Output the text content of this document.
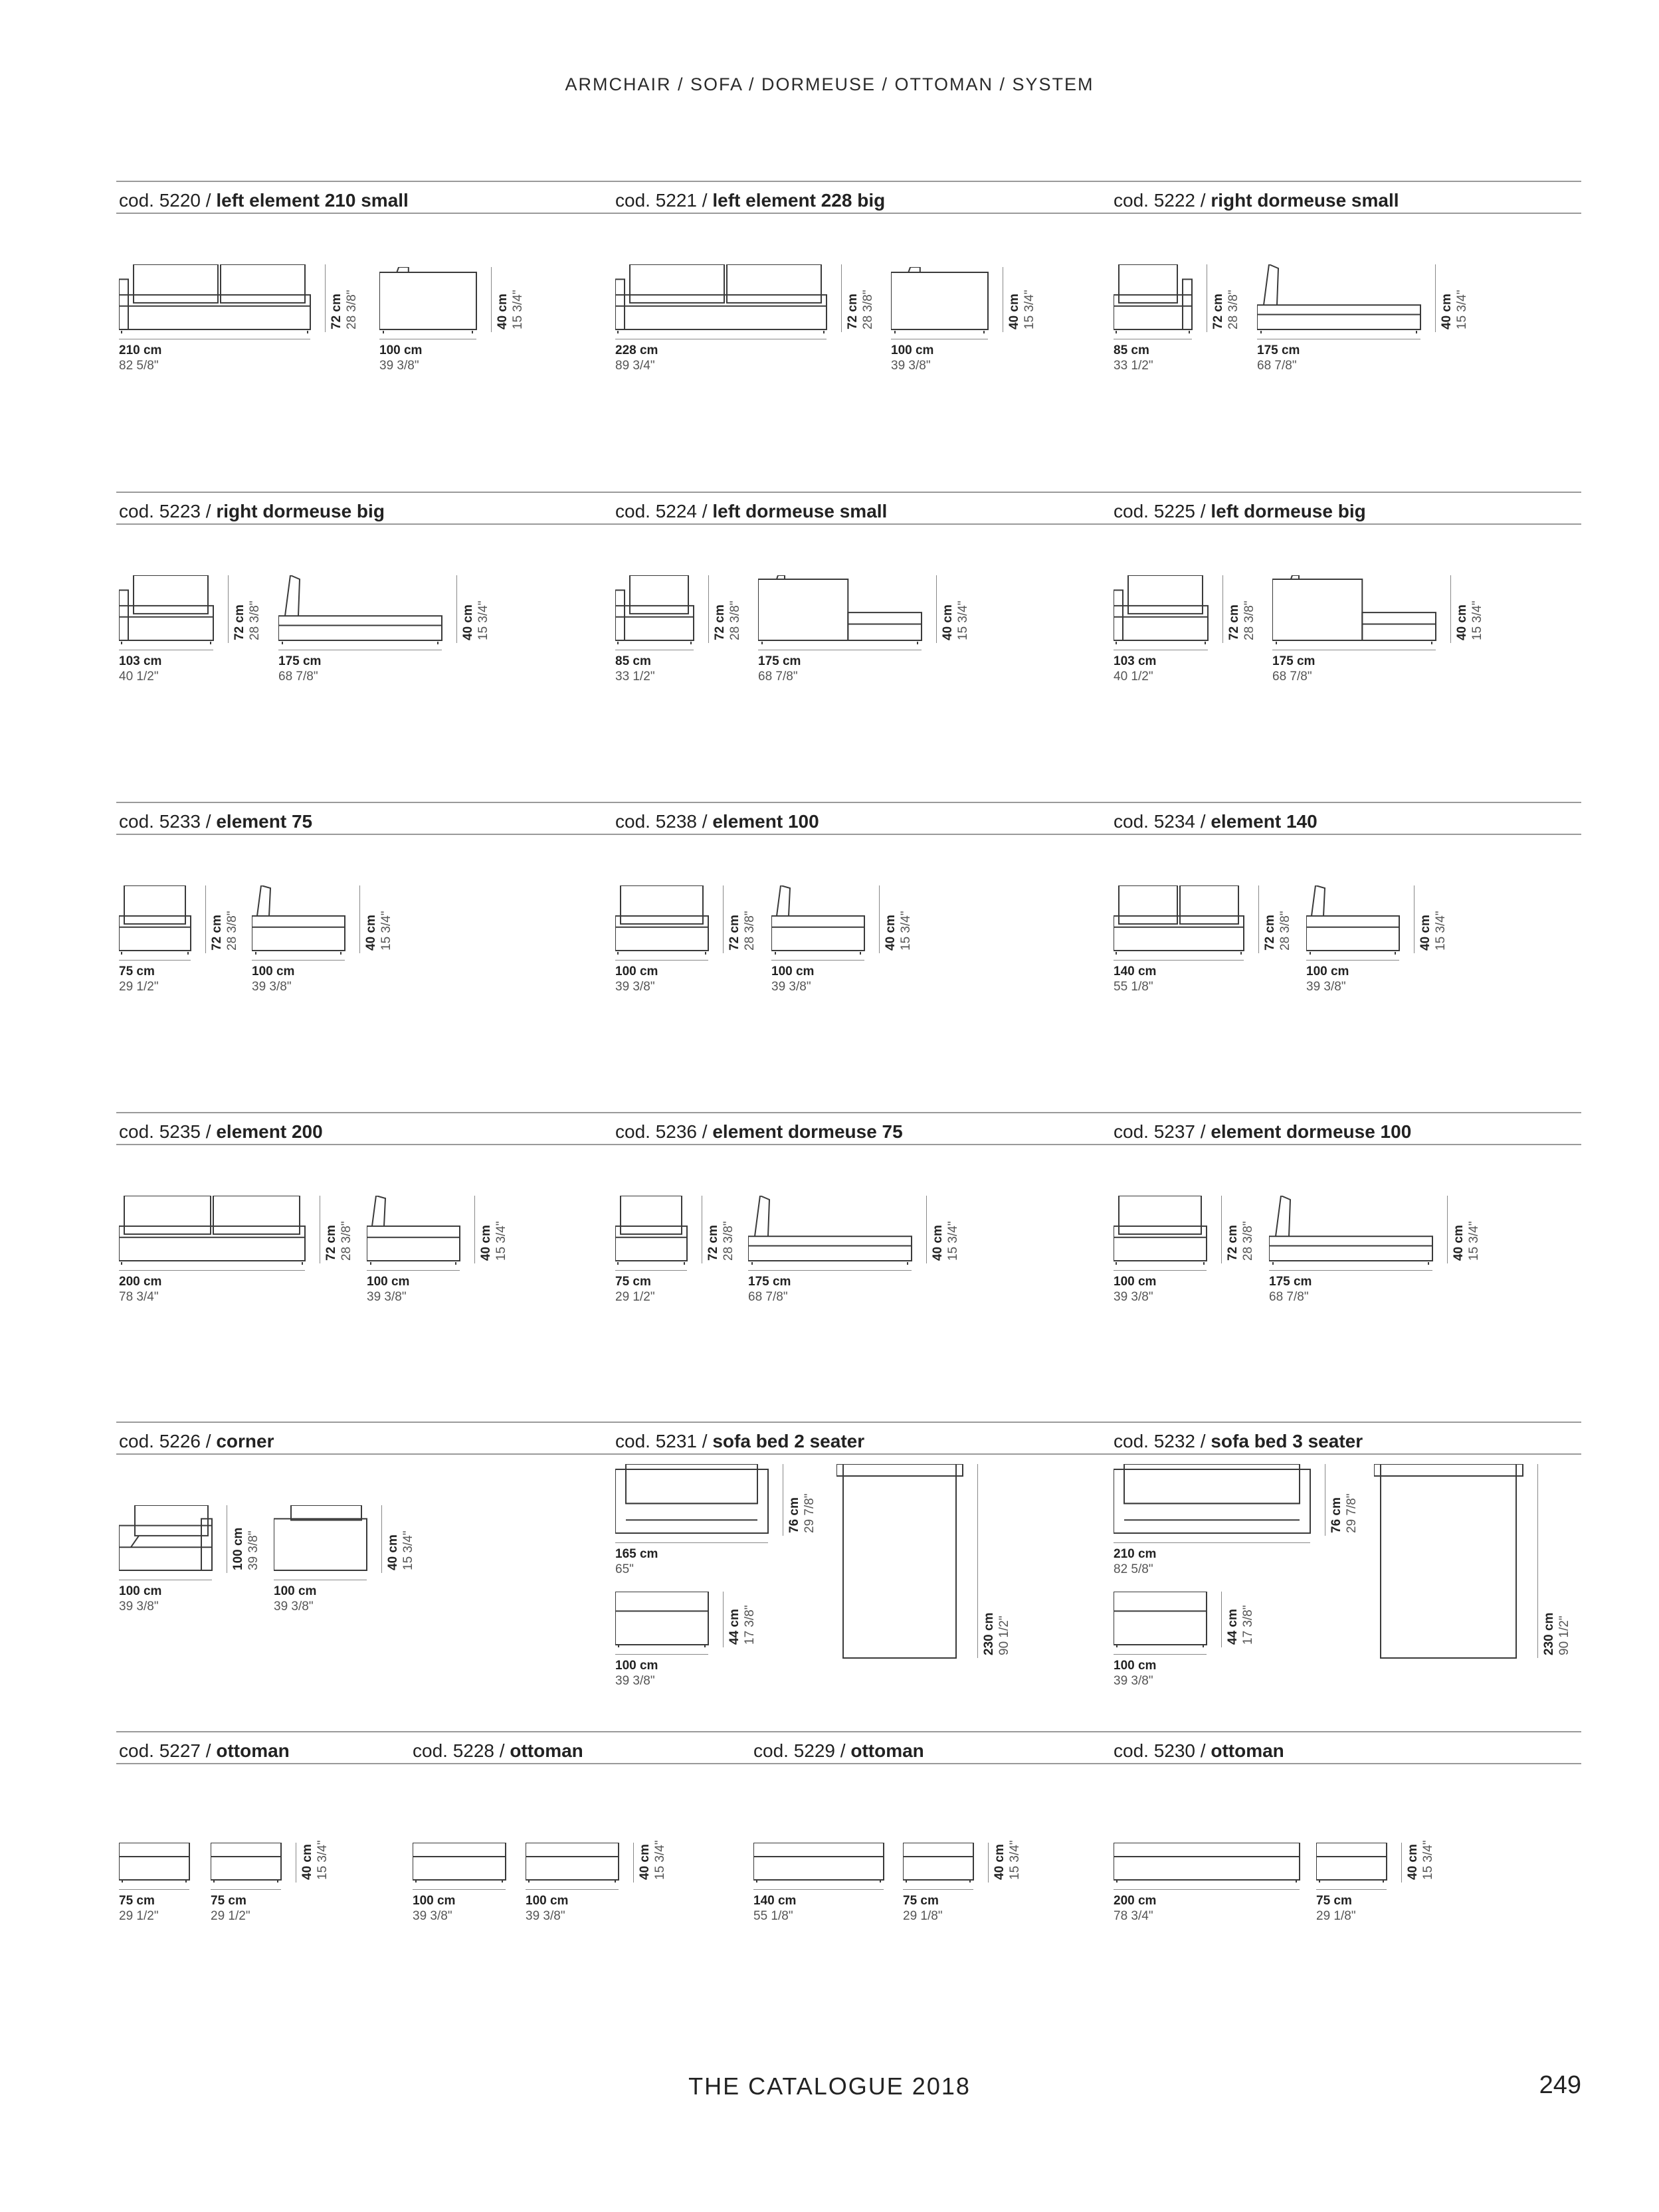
ARMCHAIR / SOFA / DORMEUSE / OTTOMAN / SYSTEM
cod. 5220 / left element 210 small
210 cm
82 5/8"
72 cm 28 3/8"
100 cm
39 3/8"
40 cm 15 3/4"
cod. 5221 / left element 228 big
228 cm
89 3/4"
72 cm 28 3/8"
100 cm
39 3/8"
40 cm 15 3/4"
cod. 5222 / right dormeuse small
85 cm
33 1/2"
72 cm 28 3/8"
175 cm
68 7/8"
40 cm 15 3/4"
cod. 5223 / right dormeuse big
103 cm
40 1/2"
72 cm 28 3/8"
175 cm
68 7/8"
40 cm 15 3/4"
cod. 5224 / left dormeuse small
85 cm
33 1/2"
72 cm 28 3/8"
175 cm
68 7/8"
40 cm 15 3/4"
cod. 5225 / left dormeuse big
103 cm
40 1/2"
72 cm 28 3/8"
175 cm
68 7/8"
40 cm 15 3/4"
cod. 5233 / element 75
75 cm
29 1/2"
72 cm 28 3/8"
100 cm
39 3/8"
40 cm 15 3/4"
cod. 5238 / element 100
100 cm
39 3/8"
72 cm 28 3/8"
100 cm
39 3/8"
40 cm 15 3/4"
cod. 5234 / element 140
140 cm
55 1/8"
72 cm 28 3/8"
100 cm
39 3/8"
40 cm 15 3/4"
cod. 5235 / element 200
200 cm
78 3/4"
72 cm 28 3/8"
100 cm
39 3/8"
40 cm 15 3/4"
cod. 5236 / element dormeuse 75
75 cm
29 1/2"
72 cm 28 3/8"
175 cm
68 7/8"
40 cm 15 3/4"
cod. 5237 / element dormeuse 100
100 cm
39 3/8"
72 cm 28 3/8"
175 cm
68 7/8"
40 cm 15 3/4"
cod. 5226 / corner
100 cm
39 3/8"
100 cm 39 3/8"
100 cm
39 3/8"
40 cm 15 3/4"
cod. 5231 / sofa bed 2 seater
165 cm
65"
76 cm 29 7/8"
100 cm
39 3/8"
44 cm 17 3/8"	230 cm 90 1/2"
cod. 5232 / sofa bed 3 seater
210 cm
82 5/8"
76 cm 29 7/8"
100 cm
39 3/8"
44 cm 17 3/8"	230 cm 90 1/2"
cod. 5227 / ottoman
75 cm
29 1/2"
75 cm
29 1/2"
40 cm 15 3/4"
cod. 5228 / ottoman
100 cm
39 3/8"
100 cm
39 3/8"
40 cm 15 3/4"
cod. 5229 / ottoman
140 cm
55 1/8"
75 cm
29 1/8"
40 cm 15 3/4"
cod. 5230 / ottoman
200 cm
78 3/4"
75 cm
29 1/8"
40 cm 15 3/4"
THE CATALOGUE 2018	249
